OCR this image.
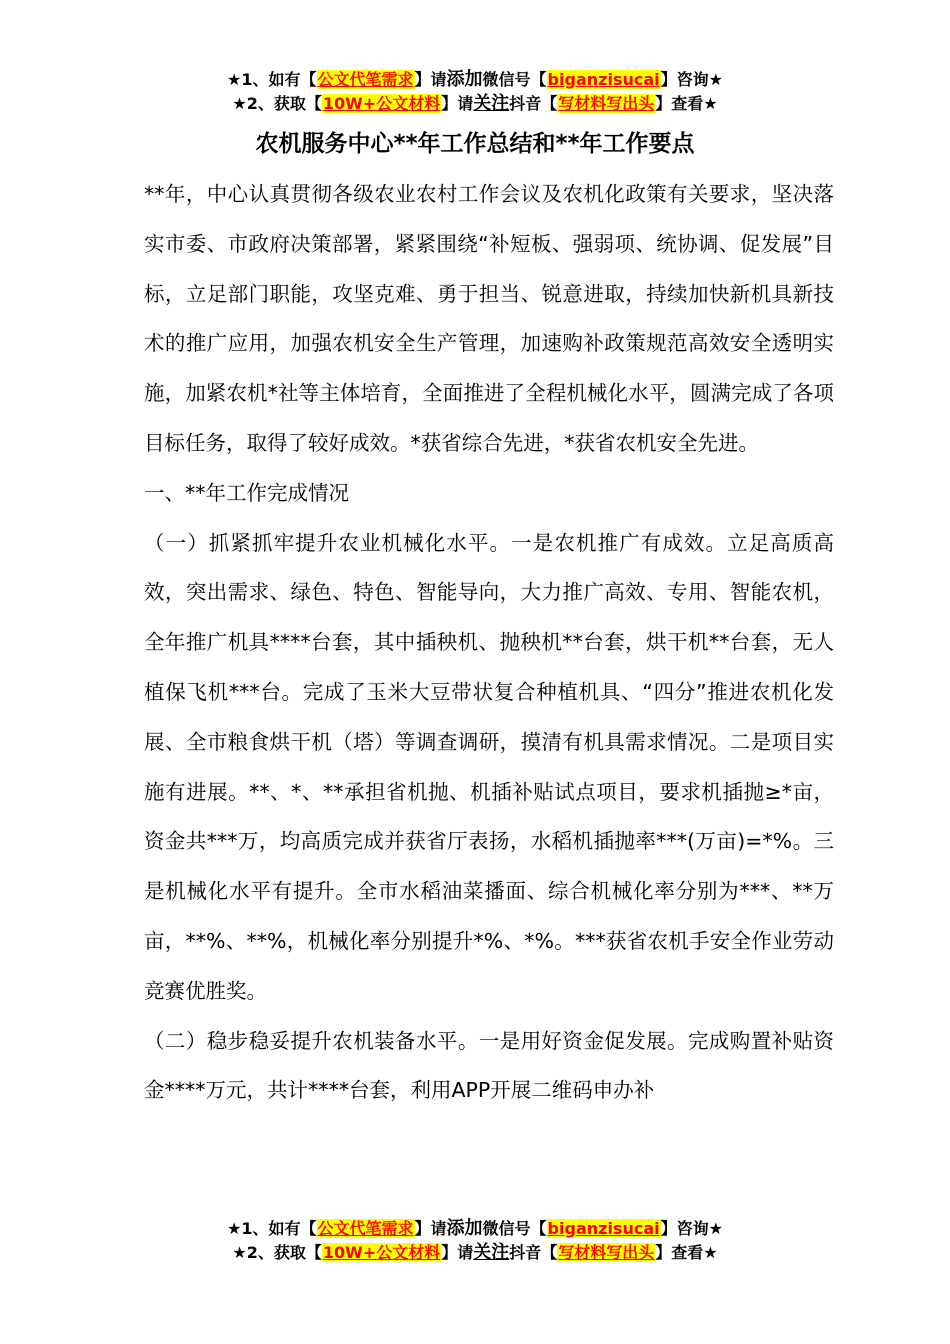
★1、如有【公文代笔需求】请添加微信号【biganzisucai】咨询★
★2、获取【10W+公文材料】请关注抖音【写材料写出头】查看★
农机服务中心**年工作总结和**年工作要点

**年，中心认真贯彻各级农业农村工作会议及农机化政策有关要求，坚决落实市委、市政府决策部署，紧紧围绕“补短板、强弱项、统协调、促发展”目标，立足部门职能，攻坚克难、勇于担当、锐意进取，持续加快新机具新技术的推广应用，加强农机安全生产管理，加速购补政策规范高效安全透明实施，加紧农机*社等主体培育，全面推进了全程机械化水平，圆满完成了各项目标任务，取得了较好成效。*获省综合先进，*获省农机安全先进。

一、**年工作完成情况

（一）抓紧抓牢提升农业机械化水平。一是农机推广有成效。立足高质高效，突出需求、绿色、特色、智能导向，大力推广高效、专用、智能农机，全年推广机具****台套，其中插秧机、抛秧机**台套，烘干机**台套，无人植保飞机***台。完成了玉米大豆带状复合种植机具、“四分”推进农机化发展、全市粮食烘干机（塔）等调查调研，摸清有机具需求情况。二是项目实施有进展。**、*、**承担省机抛、机插补贴试点项目，要求机插抛≥*亩，资金共***万，均高质完成并获省厅表扬，水稻机插抛率***(万亩)=*%。三是机械化水平有提升。全市水稻油菜播面、综合机械化率分别为***、**万亩，**%、**%，机械化率分别提升*%、*%。***获省农机手安全作业劳动竞赛优胜奖。

（二）稳步稳妥提升农机装备水平。一是用好资金促发展。完成购置补贴资金****万元，共计****台套，利用APP开展二维码申办补

★1、如有【公文代笔需求】请添加微信号【biganzisucai】咨询★
★2、获取【10W+公文材料】请关注抖音【写材料写出头】查看★
